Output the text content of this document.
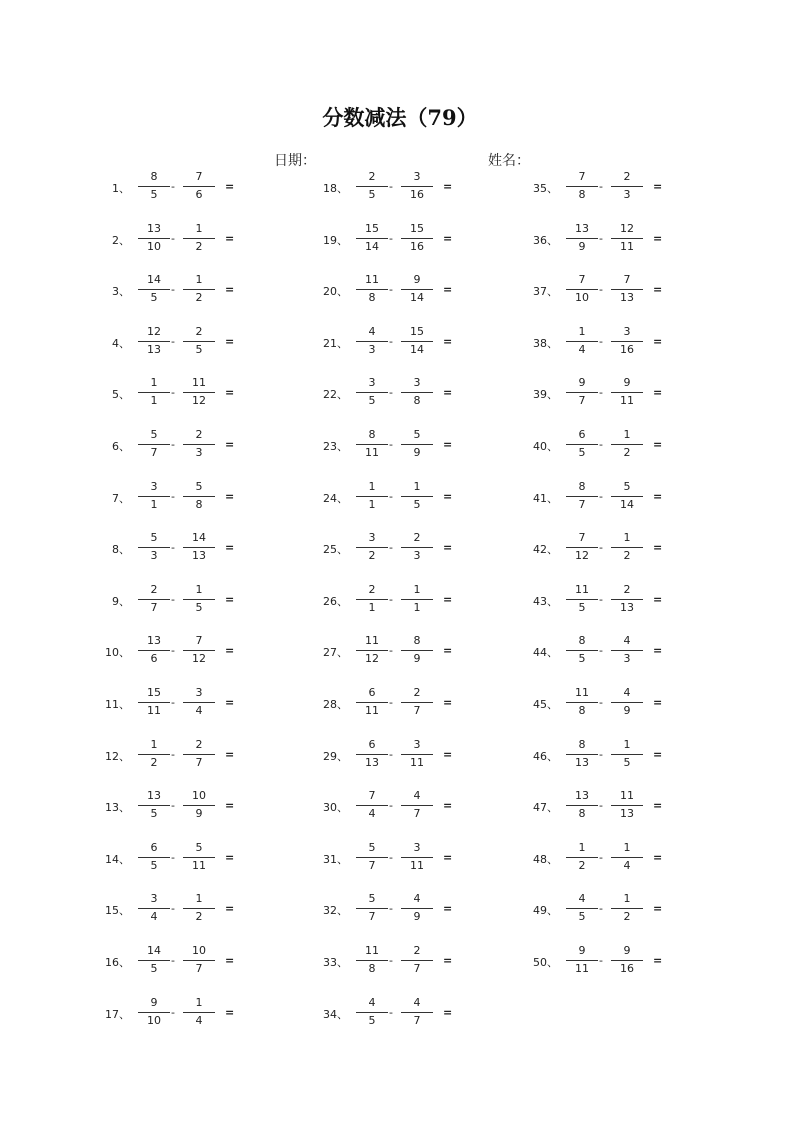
分数减法（79）
日期：	姓名：
1、
8
5
-
7
6
=
2、
13
10
-
1
2
=
3、
14
5
-
1
2
=
4、
12
13
-
2
5
=
5、
1
1
-
11
12
=
6、
5
7
-
2
3
=
7、
3
1
-
5
8
=
8、
5
3
-
14
13
=
9、
2
7
-
1
5
=
10、
13
6
-
7
12
=
11、
15
11
-
3
4
=
12、
1
2
-
2
7
=
13、
13
5
-
10
9
=
14、
6
5
-
5
11
=
15、
3
4
-
1
2
=
16、
14
5
-
10
7
=
17、
9
10
-
1
4
=
18、
2
5
-
3
16
=
19、
15
14
-
15
16
=
20、
11
8
-
9
14
=
21、
4
3
-
15
14
=
22、
3
5
-
3
8
=
23、
8
11
-
5
9
=
24、
1
1
-
1
5
=
25、
3
2
-
2
3
=
26、
2
1
-
1
1
=
27、
11
12
-
8
9
=
28、
6
11
-
2
7
=
29、
6
13
-
3
11
=
30、
7
4
-
4
7
=
31、
5
7
-
3
11
=
32、
5
7
-
4
9
=
33、
11
8
-
2
7
=
34、
4
5
-
4
7
=
35、
7
8
-
2
3
=
36、
13
9
-
12
11
=
37、
7
10
-
7
13
=
38、
1
4
-
3
16
=
39、
9
7
-
9
11
=
40、
6
5
-
1
2
=
41、
8
7
-
5
14
=
42、
7
12
-
1
2
=
43、
11
5
-
2
13
=
44、
8
5
-
4
3
=
45、
11
8
-
4
9
=
46、
8
13
-
1
5
=
47、
13
8
-
11
13
=
48、
1
2
-
1
4
=
49、
4
5
-
1
2
=
50、
9
11
-
9
16
=
